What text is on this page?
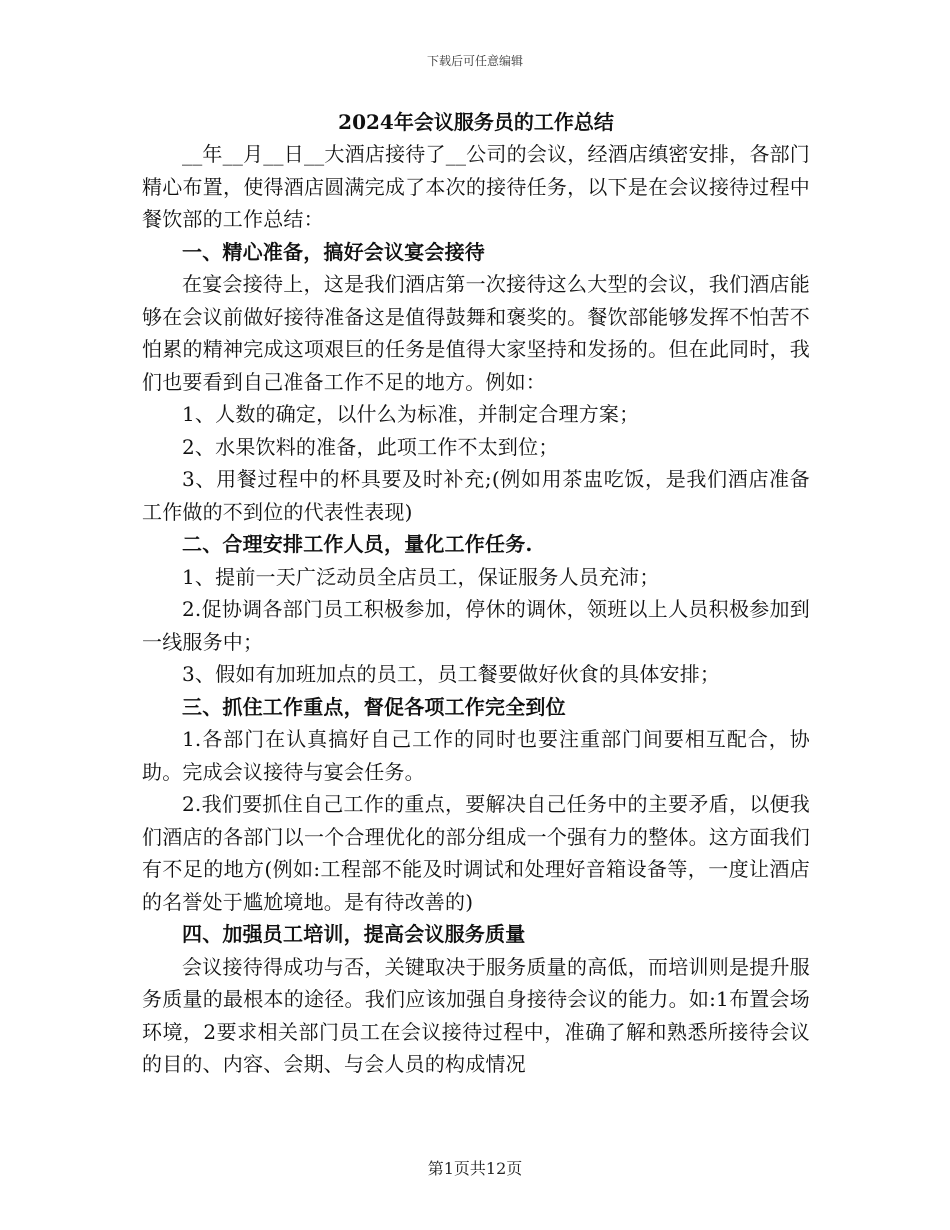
下载后可任意编辑
2024年会议服务员的工作总结
__年__月__日__大酒店接待了__公司的会议，经酒店缜密安排，各部门精心布置，使得酒店圆满完成了本次的接待任务，以下是在会议接待过程中餐饮部的工作总结：
一、精心准备，搞好会议宴会接待
在宴会接待上，这是我们酒店第一次接待这么大型的会议，我们酒店能够在会议前做好接待准备这是值得鼓舞和褒奖的。餐饮部能够发挥不怕苦不怕累的精神完成这项艰巨的任务是值得大家坚持和发扬的。但在此同时，我们也要看到自己准备工作不足的地方。例如：
1、人数的确定，以什么为标准，并制定合理方案；
2、水果饮料的准备，此项工作不太到位；
3、用餐过程中的杯具要及时补充;(例如用茶盅吃饭，是我们酒店准备工作做的不到位的代表性表现)
二、合理安排工作人员，量化工作任务.
1、提前一天广泛动员全店员工，保证服务人员充沛；
2.促协调各部门员工积极参加，停休的调休，领班以上人员积极参加到一线服务中；
3、假如有加班加点的员工，员工餐要做好伙食的具体安排；
三、抓住工作重点，督促各项工作完全到位
1.各部门在认真搞好自己工作的同时也要注重部门间要相互配合，协助。完成会议接待与宴会任务。
2.我们要抓住自己工作的重点，要解决自己任务中的主要矛盾，以便我们酒店的各部门以一个合理优化的部分组成一个强有力的整体。这方面我们有不足的地方(例如:工程部不能及时调试和处理好音箱设备等，一度让酒店的名誉处于尴尬境地。是有待改善的)
四、加强员工培训，提高会议服务质量
会议接待得成功与否，关键取决于服务质量的高低，而培训则是提升服务质量的最根本的途径。我们应该加强自身接待会议的能力。如:1布置会场环境，2要求相关部门员工在会议接待过程中，准确了解和熟悉所接待会议的目的、内容、会期、与会人员的构成情况
第1页共12页
